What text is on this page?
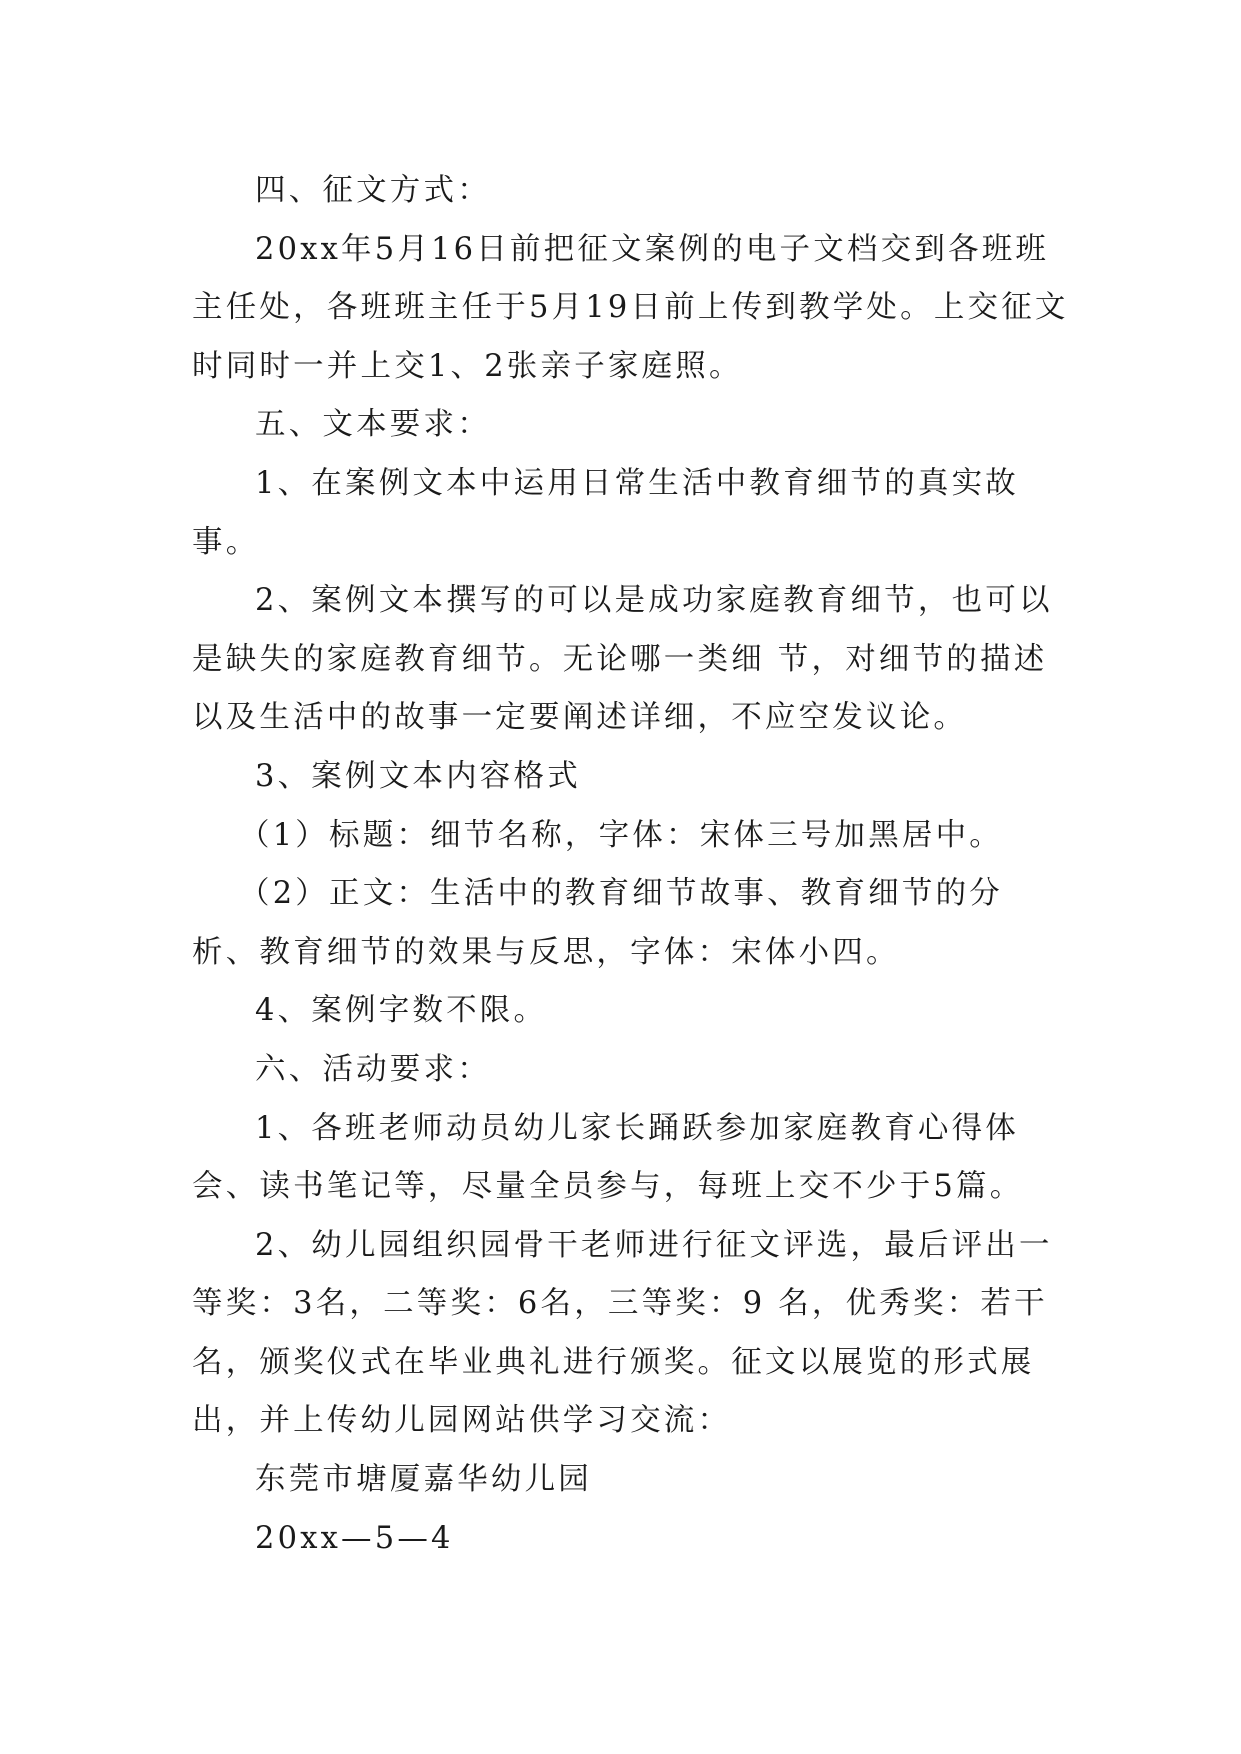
四、征文方式：

20xx年5月16日前把征文案例的电子文档交到各班班主任处，各班班主任于5月19日前上传到教学处。上交征文时同时一并上交1、2张亲子家庭照。

五、文本要求：

1、在案例文本中运用日常生活中教育细节的真实故事。

2、案例文本撰写的可以是成功家庭教育细节，也可以是缺失的家庭教育细节。无论哪一类细 节，对细节的描述以及生活中的故事一定要阐述详细，不应空发议论。

3、案例文本内容格式

（1）标题：细节名称，字体：宋体三号加黑居中。

（2）正文：生活中的教育细节故事、教育细节的分析、教育细节的效果与反思，字体：宋体小四。

4、案例字数不限。

六、活动要求：

1、各班老师动员幼儿家长踊跃参加家庭教育心得体会、读书笔记等，尽量全员参与，每班上交不少于5篇。

2、幼儿园组织园骨干老师进行征文评选，最后评出一等奖：3名，二等奖：6名，三等奖：9 名，优秀奖：若干名，颁奖仪式在毕业典礼进行颁奖。征文以展览的形式展出，并上传幼儿园网站供学习交流：

东莞市塘厦嘉华幼儿园

20xx—5—4
